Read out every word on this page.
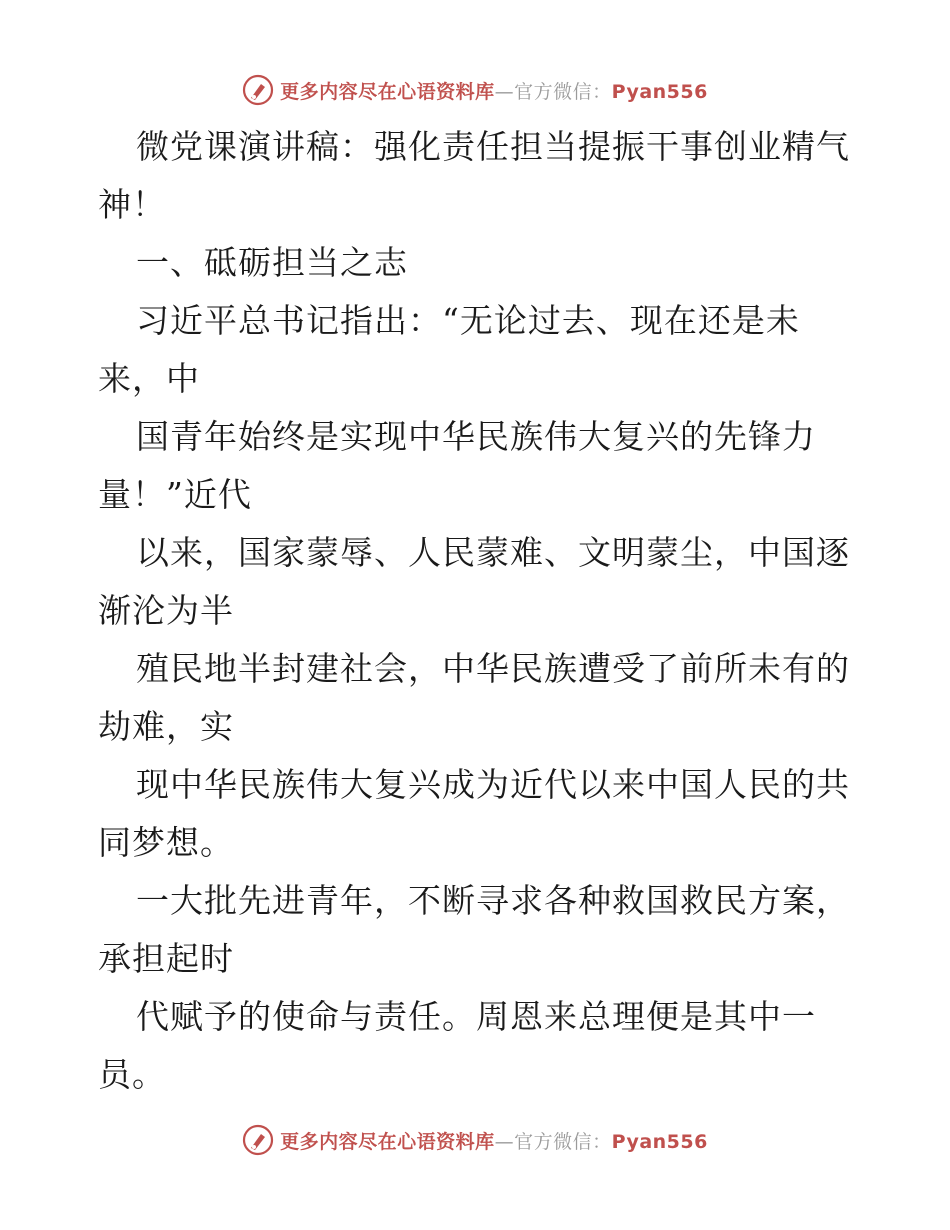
更多内容尽在心语资料库—官方微信：Pyan556
微党课演讲稿：强化责任担当提振干事创业精气
神！
一、砥砺担当之志
习近平总书记指出：“无论过去、现在还是未
来，中
国青年始终是实现中华民族伟大复兴的先锋力
量！”近代
以来，国家蒙辱、人民蒙难、文明蒙尘，中国逐
渐沦为半
殖民地半封建社会，中华民族遭受了前所未有的
劫难，实
现中华民族伟大复兴成为近代以来中国人民的共
同梦想。
一大批先进青年，不断寻求各种救国救民方案，
承担起时
代赋予的使命与责任。周恩来总理便是其中一
员。
更多内容尽在心语资料库—官方微信：Pyan556
